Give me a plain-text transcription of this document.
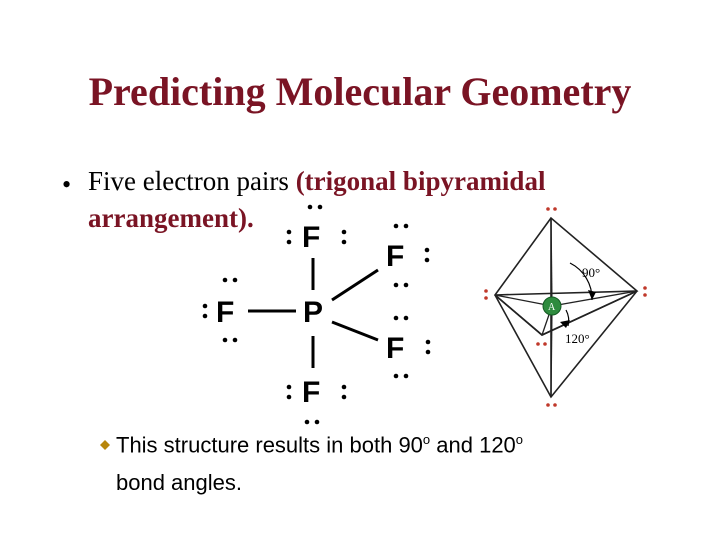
Predicting Molecular Geometry
• Five electron pairs (trigonal bipyramidal
arrangement).
P
F
F
F
F
F
A
90°
120°
This structure results in both 90$^o$ and 120$^o$
bond angles.
